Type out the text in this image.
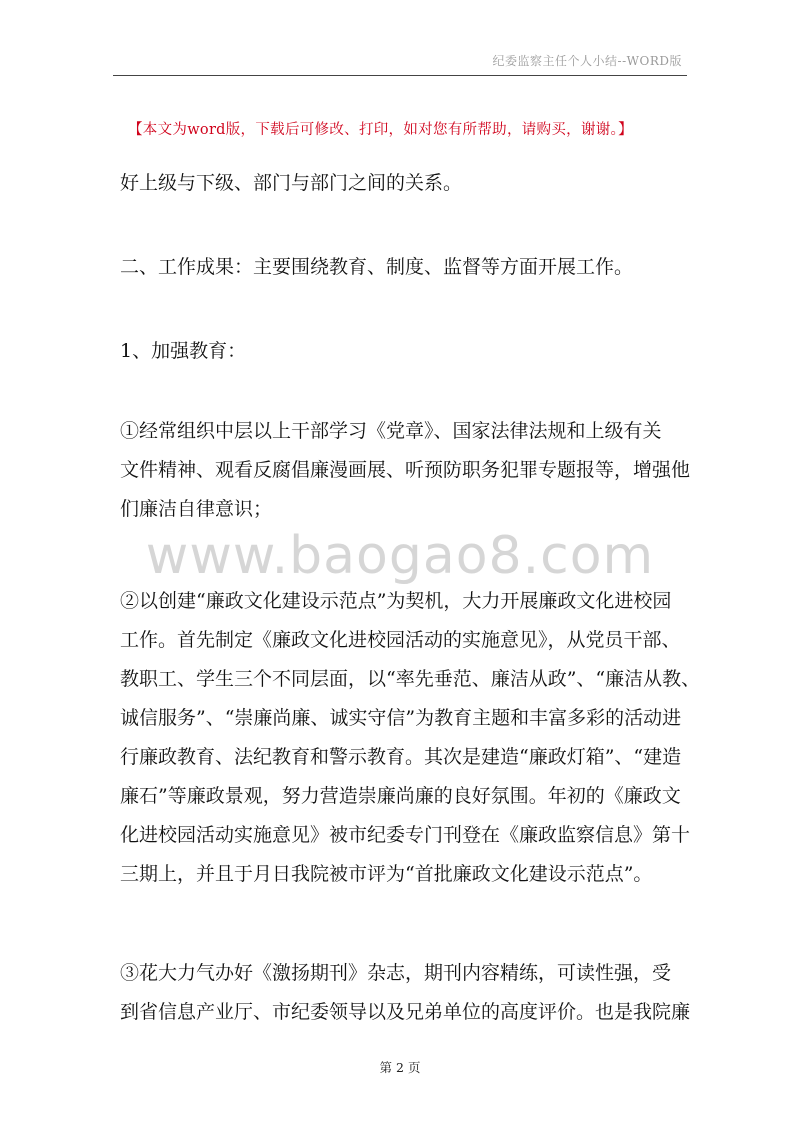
纪委监察主任个人小结--WORD版
【本文为word版，下载后可修改、打印，如对您有所帮助，请购买，谢谢。】
好上级与下级、部门与部门之间的关系。
二、工作成果：主要围绕教育、制度、监督等方面开展工作。
1、加强教育：
①经常组织中层以上干部学习《党章》、国家法律法规和上级有关
文件精神、观看反腐倡廉漫画展、听预防职务犯罪专题报等，增强他
们廉洁自律意识；
www.baogao8.com
②以创建“廉政文化建设示范点”为契机，大力开展廉政文化进校园
工作。首先制定《廉政文化进校园活动的实施意见》，从党员干部、
教职工、学生三个不同层面，以“率先垂范、廉洁从政”、“廉洁从教、
诚信服务”、“崇廉尚廉、诚实守信”为教育主题和丰富多彩的活动进
行廉政教育、法纪教育和警示教育。其次是建造“廉政灯箱”、“建造
廉石”等廉政景观，努力营造崇廉尚廉的良好氛围。年初的《廉政文
化进校园活动实施意见》被市纪委专门刊登在《廉政监察信息》第十
三期上，并且于月日我院被市评为“首批廉政文化建设示范点”。
③花大力气办好《激扬期刊》杂志，期刊内容精练，可读性强，受
到省信息产业厅、市纪委领导以及兄弟单位的高度评价。也是我院廉
第 2 页
